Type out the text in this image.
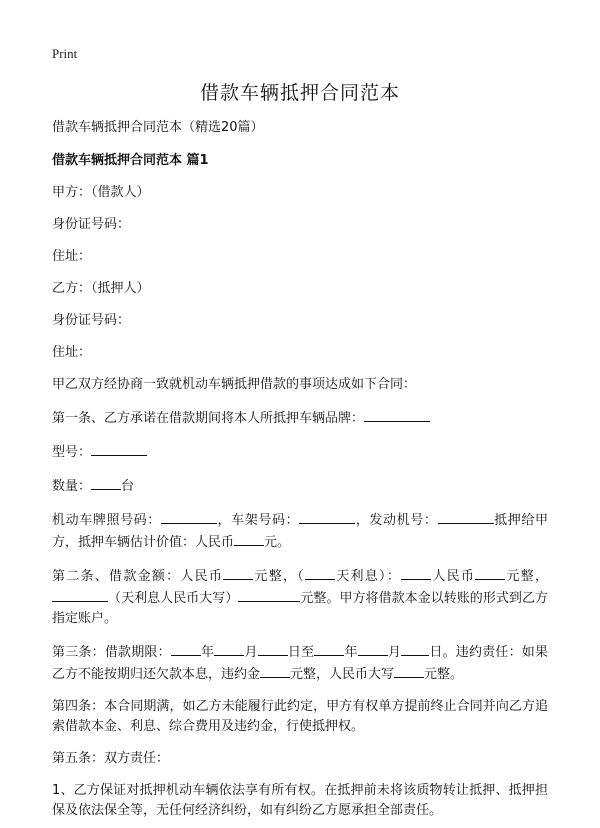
Print
借款车辆抵押合同范本

借款车辆抵押合同范本（精选20篇）

借款车辆抵押合同范本 篇1

甲方：（借款人）

身份证号码：

住址：

乙方：（抵押人）

身份证号码：

住址：

甲乙双方经协商一致就机动车辆抵押借款的事项达成如下合同：

第一条、乙方承诺在借款期间将本人所抵押车辆品牌：

型号：

数量： 台

机动车牌照号码：	，车架号码：	，发动机号：	抵押给甲方，抵押车辆估计价值：人民币 元。

第二条、借款金额：人民币 元整，（ 天利息）： 人民币 元整，（天利息人民币大写）	元整。甲方将借款本金以转账的形式到乙方指定账户。

第三条：借款期限： 年 月 日至 年 月 日。违约责任：如果乙方不能按期归还欠款本息，违约金 元整，人民币大写 元整。

第四条：本合同期满，如乙方未能履行此约定，甲方有权单方提前终止合同并向乙方追索借款本金、利息、综合费用及违约金，行使抵押权。

第五条：双方责任：

1、乙方保证对抵押机动车辆依法享有所有权。在抵押前未将该质物转让抵押、抵押担保及依法保全等，无任何经济纠纷，如有纠纷乙方愿承担全部责任。
